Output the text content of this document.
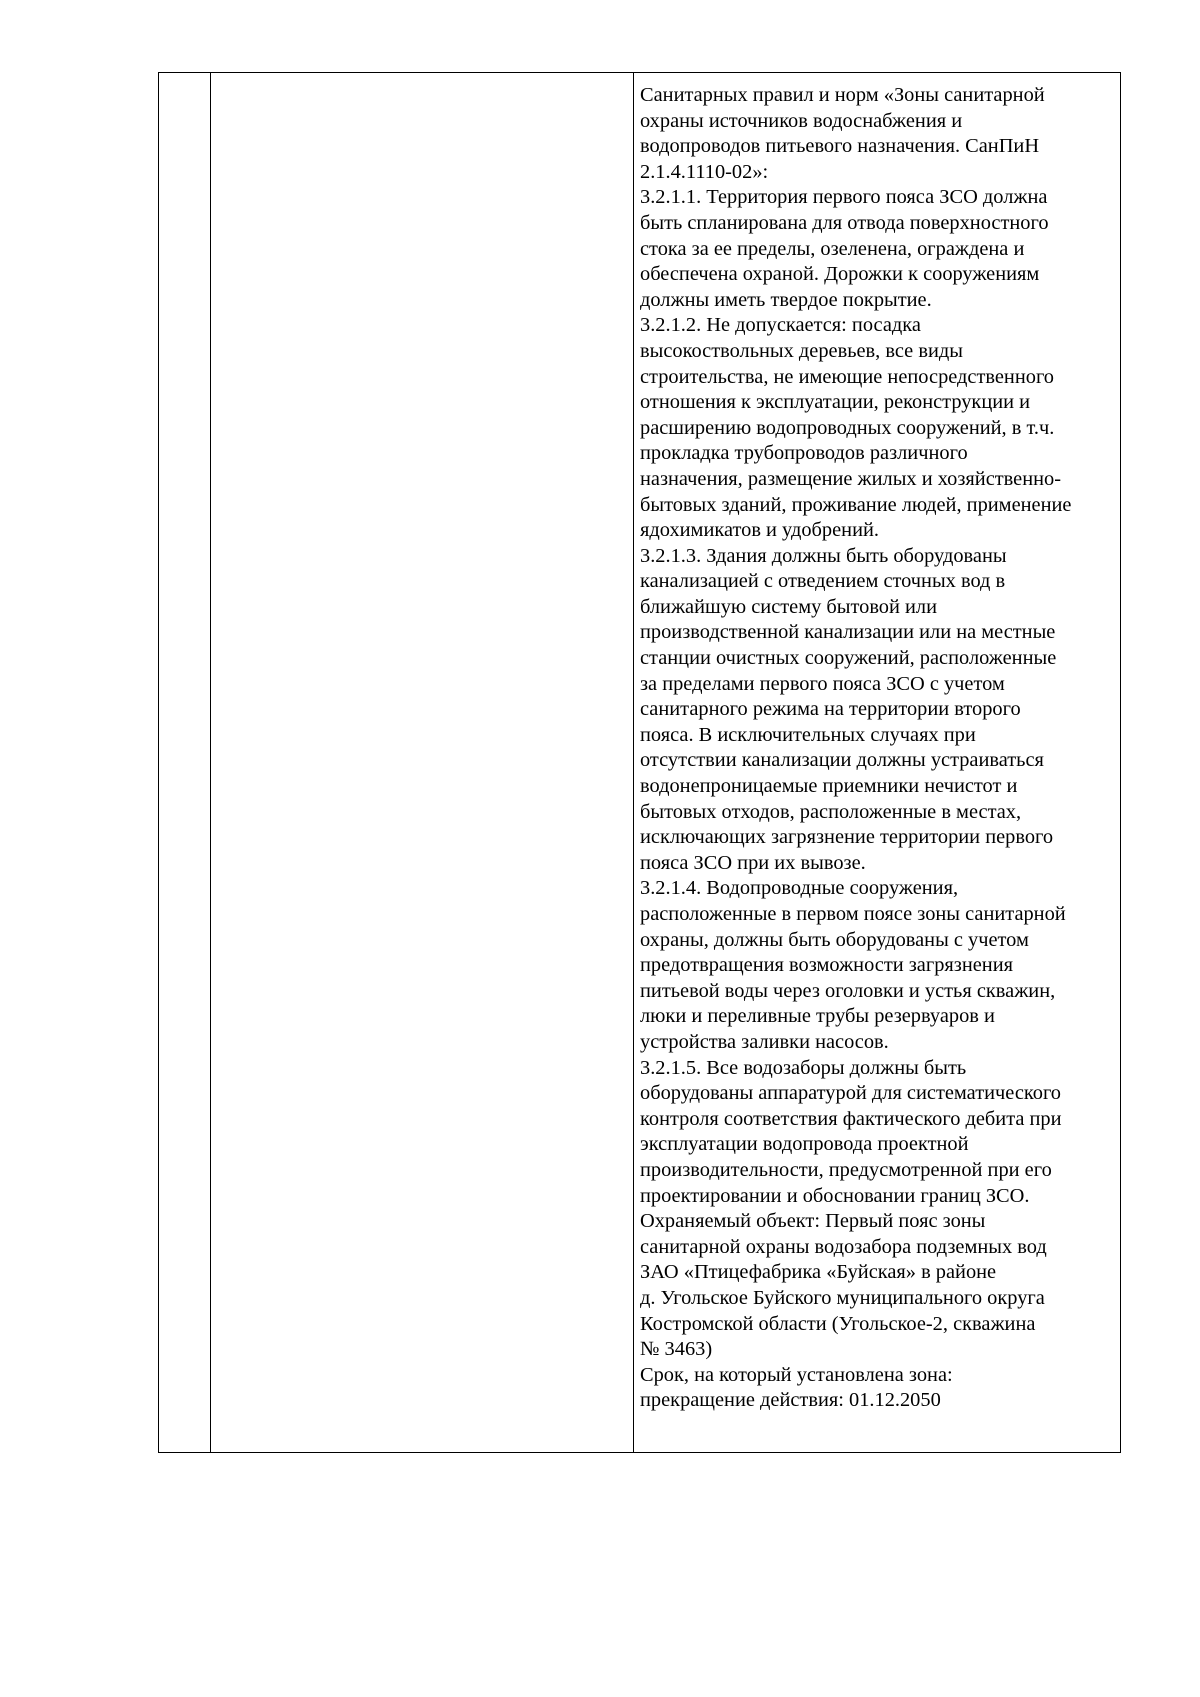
Санитарных правил и норм «Зоны санитарной
охраны источников водоснабжения и
водопроводов питьевого назначения. СанПиН
2.1.4.1110-02»:
3.2.1.1. Территория первого пояса ЗСО должна
быть спланирована для отвода поверхностного
стока за ее пределы, озеленена, ограждена и
обеспечена охраной. Дорожки к сооружениям
должны иметь твердое покрытие.
3.2.1.2. Не допускается: посадка
высокоствольных деревьев, все виды
строительства, не имеющие непосредственного
отношения к эксплуатации, реконструкции и
расширению водопроводных сооружений, в т.ч.
прокладка трубопроводов различного
назначения, размещение жилых и хозяйственно-
бытовых зданий, проживание людей, применение
ядохимикатов и удобрений.
3.2.1.3. Здания должны быть оборудованы
канализацией с отведением сточных вод в
ближайшую систему бытовой или
производственной канализации или на местные
станции очистных сооружений, расположенные
за пределами первого пояса ЗСО с учетом
санитарного режима на территории второго
пояса. В исключительных случаях при
отсутствии канализации должны устраиваться
водонепроницаемые приемники нечистот и
бытовых отходов, расположенные в местах,
исключающих загрязнение территории первого
пояса ЗСО при их вывозе.
3.2.1.4. Водопроводные сооружения,
расположенные в первом поясе зоны санитарной
охраны, должны быть оборудованы с учетом
предотвращения возможности загрязнения
питьевой воды через оголовки и устья скважин,
люки и переливные трубы резервуаров и
устройства заливки насосов.
3.2.1.5. Все водозаборы должны быть
оборудованы аппаратурой для систематического
контроля соответствия фактического дебита при
эксплуатации водопровода проектной
производительности, предусмотренной при его
проектировании и обосновании границ ЗСО.
Охраняемый объект: Первый пояс зоны
санитарной охраны водозабора подземных вод
ЗАО «Птицефабрика «Буйская» в районе
д. Угольское Буйского муниципального округа
Костромской области (Угольское-2, скважина
№ 3463)
Срок, на который установлена зона:
прекращение действия: 01.12.2050
